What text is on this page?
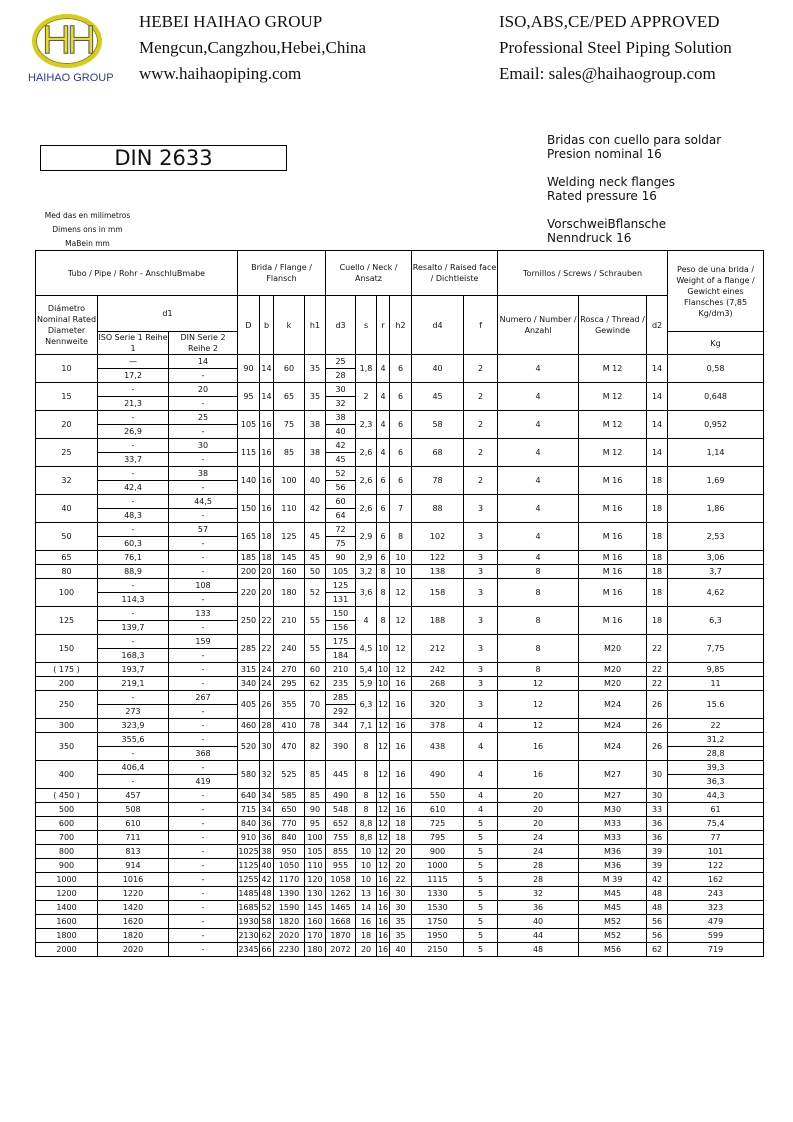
HH
HAIHAO GROUP
HEBEI HAIHAO GROUP
Mengcun,Cangzhou,Hebei,China
www.haihaopiping.com
ISO,ABS,CE/PED APPROVED
Professional Steel Piping Solution
Email: sales@haihaogroup.com
DIN 2633
Med das en milimetros
Dimens ons in mm
MaBein mm

Bridas con cuello para soldar
Presion nominal 16

Welding neck flanges
Rated pressure 16

VorschweiBflansche
Nenndruck 16

Tubo / Pipe / Rohr - AnschluBmabe			Brida / Flange / Flansch				Cuello / Neck / Ansatz				Resalto / Raised face / Dichtleiste		Tornillos / Screws / Schrauben			Peso de una brida / Weight of a flange / Gewicht eines Flansches (7,85 Kg/dm3)
Diámetro Nominal Rated Diameter Nennweite	d1		D	b	k	h1	d3	s	r	h2	d4	f	Numero / Number / Anzahl	Rosca / Thread / Gewinde	d2	
	ISO Serie 1 Reihe 1	DIN Serie 2 Reihe 2														Kg
10	—	14	90	14	60	35	25	1,8	4	6	40	2	4	M 12	14	0,58
	17,2	-					28									
15	-	20	95	14	65	35	30	2	4	6	45	2	4	M 12	14	0,648
	21,3	-					32									
20	-	25	105	16	75	38	38	2,3	4	6	58	2	4	M 12	14	0,952
	26,9	-					40									
25	-	30	115	16	85	38	42	2,6	4	6	68	2	4	M 12	14	1,14
	33,7	-					45									
32	-	38	140	16	100	40	52	2,6	6	6	78	2	4	M 16	18	1,69
	42,4	-					56									
40	-	44,5	150	16	110	42	60	2,6	6	7	88	3	4	M 16	18	1,86
	48,3	-					64									
50	-	57	165	18	125	45	72	2,9	6	8	102	3	4	M 16	18	2,53
	60,3	-					75									
65	76,1	-	185	18	145	45	90	2,9	6	10	122	3	4	M 16	18	3,06
80	88,9	-	200	20	160	50	105	3,2	8	10	138	3	8	M 16	18	3,7
100	-	108	220	20	180	52	125	3,6	8	12	158	3	8	M 16	18	4,62
	114,3	-					131									
125	-	133	250	22	210	55	150	4	8	12	188	3	8	M 16	18	6,3
	139,7	-					156									
150	-	159	285	22	240	55	175	4,5	10	12	212	3	8	M20	22	7,75
	168,3	-					184									
( 175 )	193,7	-	315	24	270	60	210	5,4	10	12	242	3	8	M20	22	9,85
200	219,1	-	340	24	295	62	235	5,9	10	16	268	3	12	M20	22	11
250	-	267	405	26	355	70	285	6,3	12	16	320	3	12	M24	26	15.6
	273	-					292									
300	323,9	-	460	28	410	78	344	7,1	12	16	378	4	12	M24	26	22
350	355,6	-	520	30	470	82	390	8	12	16	438	4	16	M24	26	31,2
	-	368														28,8
400	406,4	-	580	32	525	85	445	8	12	16	490	4	16	M27	30	39,3
	-	419														36,3
( 450 )	457	-	640	34	585	85	490	8	12	16	550	4	20	M27	30	44,3
500	508	-	715	34	650	90	548	8	12	16	610	4	20	M30	33	61
600	610	-	840	36	770	95	652	8,8	12	18	725	5	20	M33	36	75,4
700	711	-	910	36	840	100	755	8,8	12	18	795	5	24	M33	36	77
800	813	-	1025	38	950	105	855	10	12	20	900	5	24	M36	39	101
900	914	-	1125	40	1050	110	955	10	12	20	1000	5	28	M36	39	122
1000	1016	-	1255	42	1170	120	1058	10	16	22	1115	5	28	M 39	42	162
1200	1220	-	1485	48	1390	130	1262	13	16	30	1330	5	32	M45	48	243
1400	1420	-	1685	52	1590	145	1465	14	16	30	1530	5	36	M45	48	323
1600	1620	-	1930	58	1820	160	1668	16	16	35	1750	5	40	M52	56	479
1800	1820	-	2130	62	2020	170	1870	18	16	35	1950	5	44	M52	56	599
2000	2020	-	2345	66	2230	180	2072	20	16	40	2150	5	48	M56	62	719
